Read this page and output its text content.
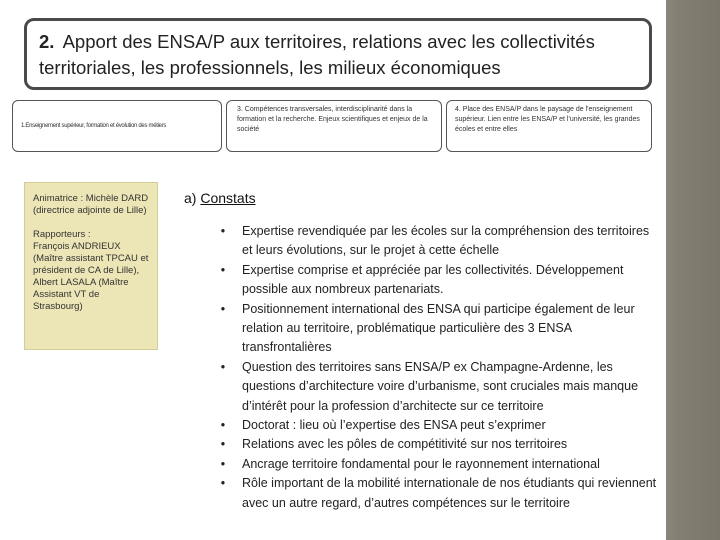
2. Apport des ENSA/P aux territoires, relations avec les collectivités territoriales, les professionnels, les milieux économiques
1.Enseignement supérieur, formation et évolution des métiers
3. Compétences transversales, interdisciplinarité dans la formation et la recherche. Enjeux scientifiques et enjeux de la société
4. Place des ENSA/P dans le paysage de l'enseignement supérieur. Lien entre les ENSA/P et l'université, les grandes écoles et entre elles
Animatrice : Michèle DARD (directrice adjointe de Lille)
Rapporteurs :
François ANDRIEUX (Maître assistant TPCAU et président de CA de Lille),
Albert LASALA (Maître Assistant VT de Strasbourg)
a) Constats
• Expertise revendiquée par les écoles sur la compréhension des territoires et leurs évolutions, sur le projet à cette échelle
• Expertise comprise et appréciée par les collectivités. Développement possible aux nombreux partenariats.
• Positionnement international des ENSA qui participe également de leur relation au territoire, problématique particulière des 3 ENSA transfrontalières
• Question des territoires sans ENSA/P ex Champagne-Ardenne, les questions d’architecture voire d’urbanisme, sont cruciales mais manque d’intérêt pour la profession d’architecte sur ce territoire
• Doctorat : lieu où l’expertise des ENSA peut s’exprimer
• Relations avec les pôles de compétitivité sur nos territoires
• Ancrage territoire fondamental pour le rayonnement international
• Rôle important de la mobilité internationale de nos étudiants qui reviennent avec un autre regard, d’autres compétences sur le territoire
